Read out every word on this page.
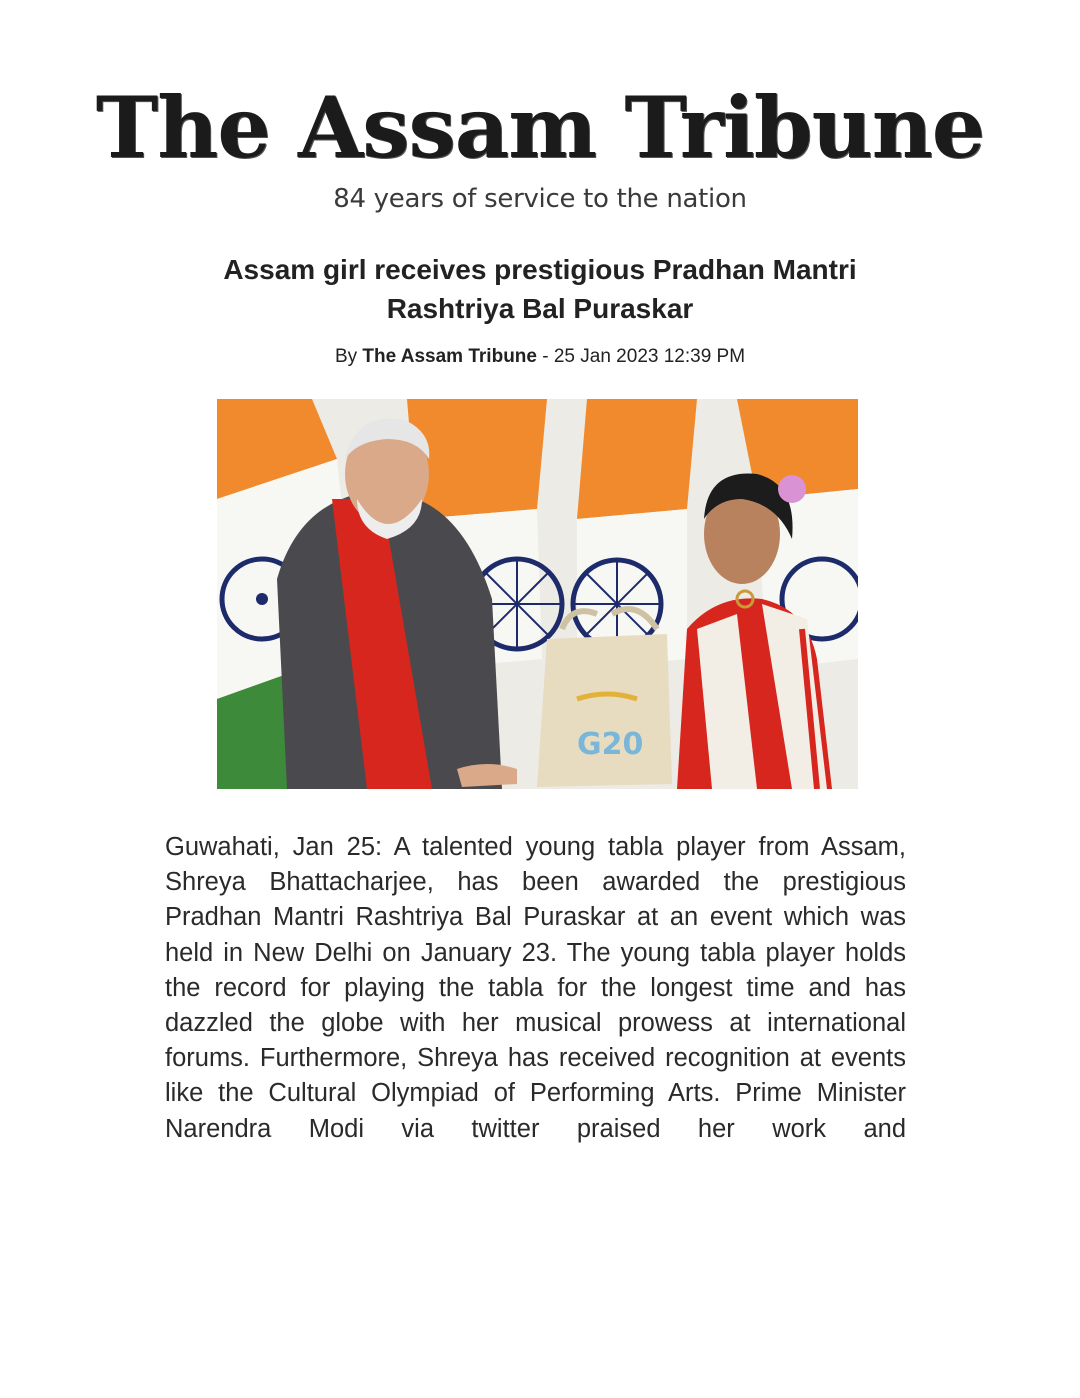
The Assam Tribune
84 years of service to the nation
Assam girl receives prestigious Pradhan Mantri Rashtriya Bal Puraskar
By The Assam Tribune - 25 Jan 2023 12:39 PM
G20

Guwahati, Jan 25: A talented young tabla player from Assam, Shreya Bhattacharjee, has been awarded the prestigious Pradhan Mantri Rashtriya Bal Puraskar at an event which was held in New Delhi on January 23. The young tabla player holds the record for playing the tabla for the longest time and has dazzled the globe with her musical prowess at international forums. Furthermore, Shreya has received recognition at events like the Cultural Olympiad of Performing Arts. Prime Minister Narendra Modi via twitter praised her work and
